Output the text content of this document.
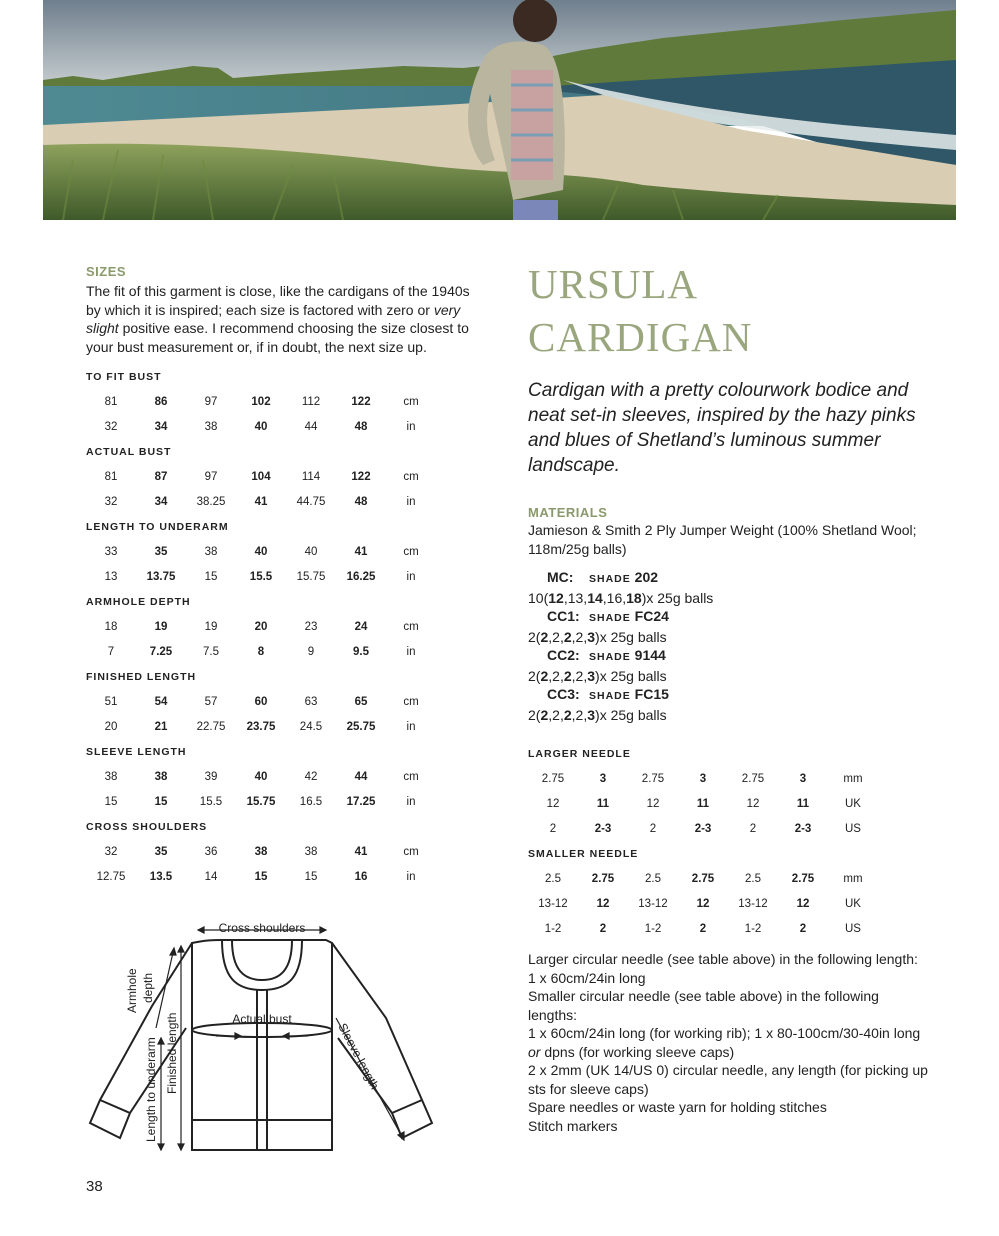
SIZES
The fit of this garment is close, like the cardigans of the 1940s by which it is inspired; each size is factored with zero or very slight positive ease. I recommend choosing the size closest to your bust measurement or, if in doubt, the next size up.
TO FIT BUST
81	86	97	102	112	122	cm
32	34	38	40	44	48	in
ACTUAL BUST
81	87	97	104	114	122	cm
32	34	38.25	41	44.75	48	in
LENGTH TO UNDERARM
33	35	38	40	40	41	cm
13	13.75	15	15.5	15.75	16.25	in
ARMHOLE DEPTH
18	19	19	20	23	24	cm
7	7.25	7.5	8	9	9.5	in
FINISHED LENGTH
51	54	57	60	63	65	cm
20	21	22.75	23.75	24.5	25.75	in
SLEEVE LENGTH
38	38	39	40	42	44	cm
15	15	15.5	15.75	16.5	17.25	in
CROSS SHOULDERS
32	35	36	38	38	41	cm
12.75	13.5	14	15	15	16	in
Cross shoulders
Actual bust
Armhole depth
Length to underarm Finished length	Sleeve length
38
URSULA
CARDIGAN
Cardigan with a pretty colourwork bodice and neat set-in sleeves, inspired by the hazy pinks and blues of Shetland’s luminous summer landscape.
MATERIALS
Jamieson & Smith 2 Ply Jumper Weight (100% Shetland Wool; 118m/25g balls)
MC:	SHADE 202
10 ( 12 , 13 , 14 , 16 , 18 ) x 25g balls
CC1: SHADE FC24
2 ( 2 , 2 , 2 , 2 , 3 ) x 25g balls
CC2: SHADE 9144
2 ( 2 , 2 , 2 , 2 , 3 ) x 25g balls
CC3: SHADE FC15
2 ( 2 , 2 , 2 , 2 , 3 ) x 25g balls
LARGER NEEDLE
2.75	3	2.75	3	2.75	3	mm
12	11	12	11	12	11	UK
2	2-3	2	2-3	2	2-3	US
SMALLER NEEDLE
2.5	2.75	2.5	2.75	2.5	2.75	mm
13-12	12	13-12	12	13-12	12	UK
1-2	2	1-2	2	1-2	2	US

Larger circular needle (see table above) in the following length:

1 x 60cm/24in long

Smaller circular needle (see table above) in the following lengths:

1 x 60cm/24in long (for working rib); 1 x 80-100cm/30-40in long or dpns (for working sleeve caps)

2 x 2mm (UK 14/US 0) circular needle, any length (for picking up sts for sleeve caps)

Spare needles or waste yarn for holding stitches

Stitch markers
